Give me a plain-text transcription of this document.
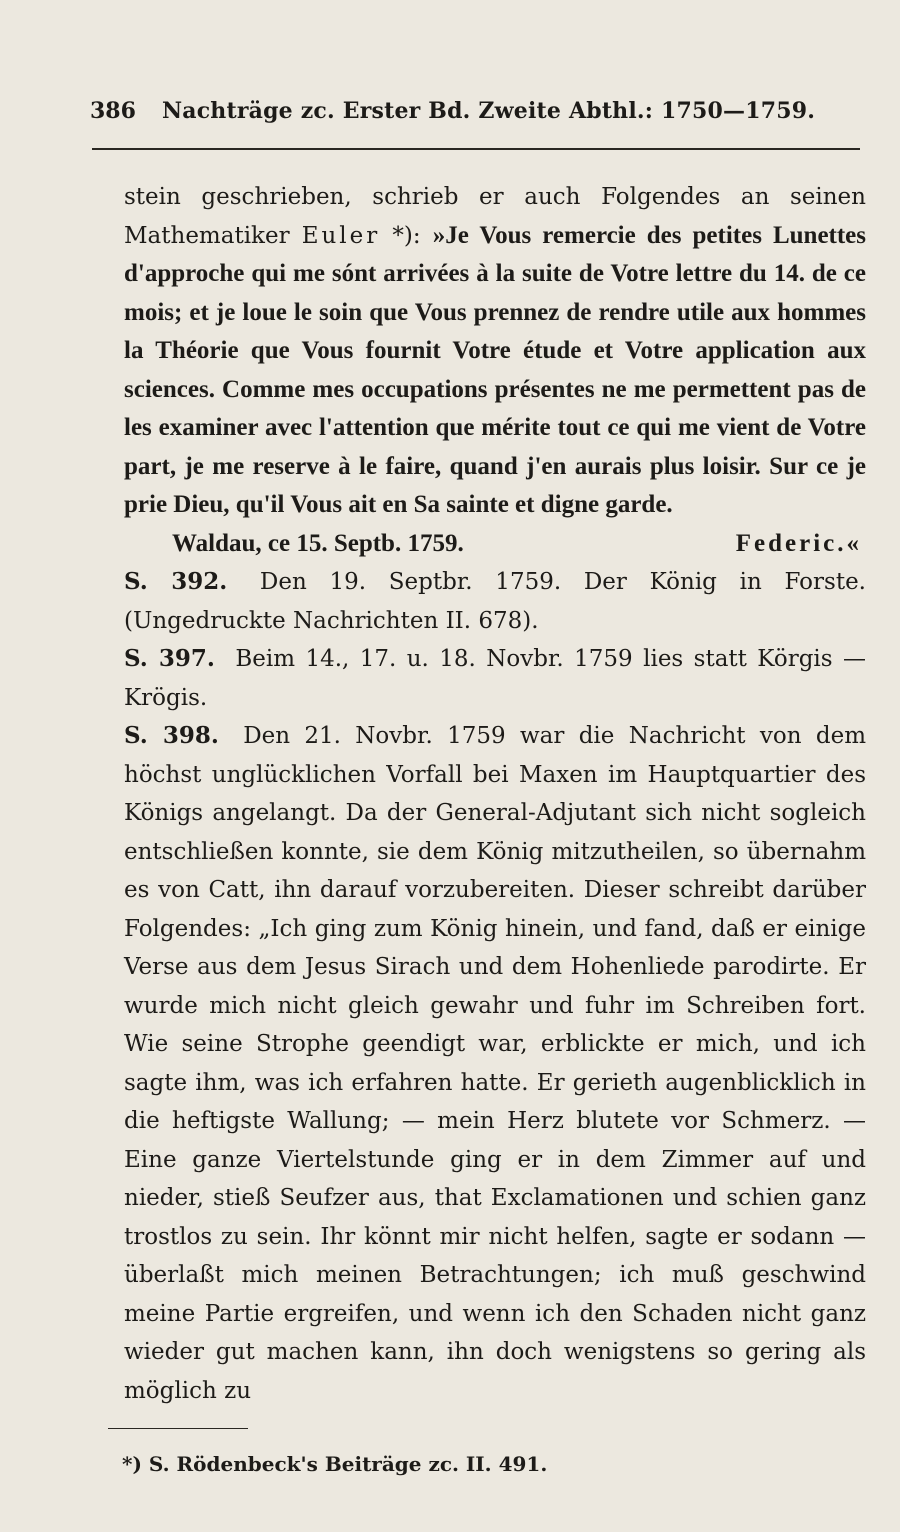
386 Nachträge zc. Erster Bd. Zweite Abthl.: 1750—1759.

stein geschrieben, schrieb er auch Folgendes an seinen Mathematiker Euler *): »Je Vous remercie des petites Lunettes d'approche qui me sónt arrivées à la suite de Votre lettre du 14. de ce mois; et je loue le soin que Vous prennez de rendre utile aux hommes la Théorie que Vous fournit Votre étude et Votre application aux sciences. Comme mes occupations présentes ne me permettent pas de les examiner avec l'attention que mérite tout ce qui me vient de Votre part, je me reserve à le faire, quand j'en aurais plus loisir. Sur ce je prie Dieu, qu'il Vous ait en Sa sainte et digne garde.

Waldau, ce 15. Septb. 1759.	Federic.«

S. 392. Den 19. Septbr. 1759. Der König in Forste. (Ungedruckte Nachrichten II. 678).

S. 397. Beim 14., 17. u. 18. Novbr. 1759 lies statt Körgis — Krögis.

S. 398. Den 21. Novbr. 1759 war die Nachricht von dem höchst unglücklichen Vorfall bei Maxen im Hauptquartier des Königs angelangt. Da der General-Adjutant sich nicht sogleich entschließen konnte, sie dem König mitzutheilen, so übernahm es von Catt, ihn darauf vorzubereiten. Dieser schreibt darüber Folgendes: „Ich ging zum König hinein, und fand, daß er einige Verse aus dem Jesus Sirach und dem Hohenliede parodirte. Er wurde mich nicht gleich gewahr und fuhr im Schreiben fort. Wie seine Strophe geendigt war, erblickte er mich, und ich sagte ihm, was ich erfahren hatte. Er gerieth augenblicklich in die heftigste Wallung; — mein Herz blutete vor Schmerz. — Eine ganze Viertelstunde ging er in dem Zimmer auf und nieder, stieß Seufzer aus, that Exclamationen und schien ganz trostlos zu sein. Ihr könnt mir nicht helfen, sagte er sodann — überlaßt mich meinen Betrachtungen; ich muß geschwind meine Partie ergreifen, und wenn ich den Schaden nicht ganz wieder gut machen kann, ihn doch wenigstens so gering als möglich zu

*) S. Rödenbeck's Beiträge zc. II. 491.
